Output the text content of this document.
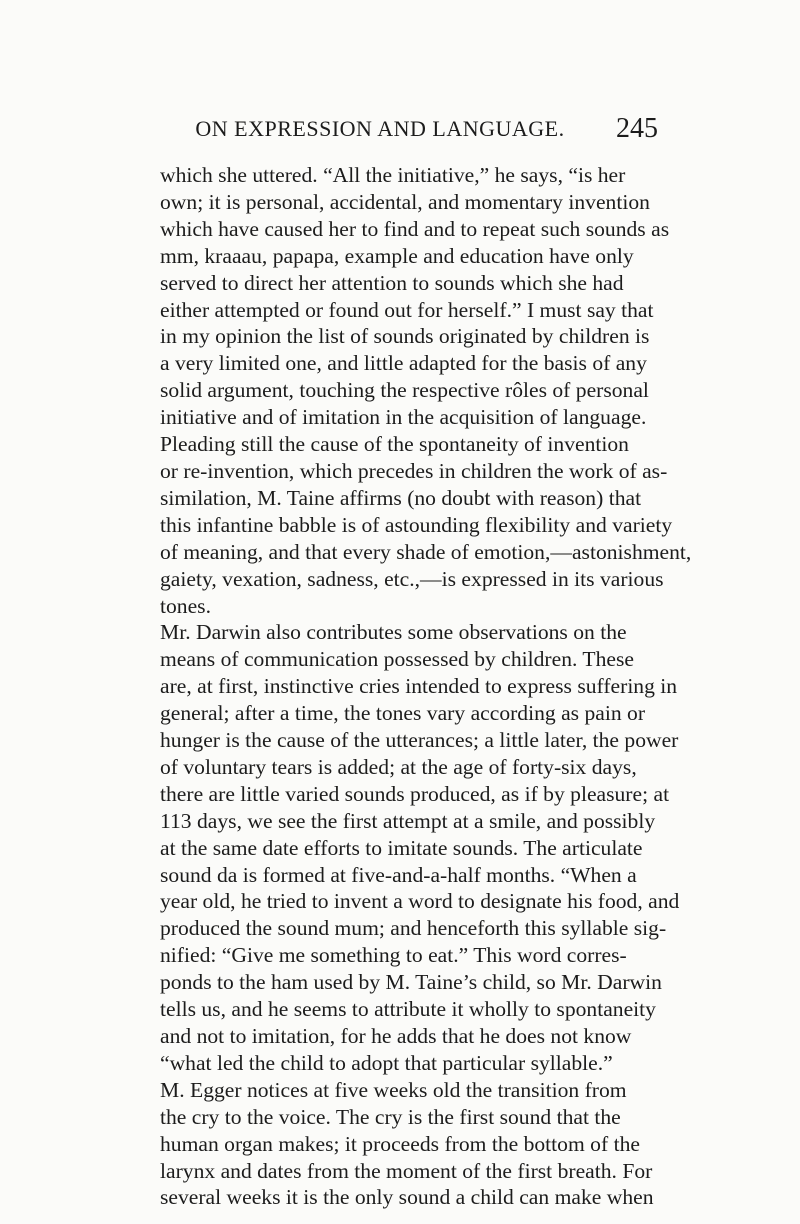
ON EXPRESSION AND LANGUAGE.	245

which she uttered. “All the initiative,” he says, “is her
own; it is personal, accidental, and momentary invention
which have caused her to find and to repeat such sounds as
mm, kraaau, papapa, example and education have only
served to direct her attention to sounds which she had
either attempted or found out for herself.” I must say that
in my opinion the list of sounds originated by children is
a very limited one, and little adapted for the basis of any
solid argument, touching the respective rôles of personal
initiative and of imitation in the acquisition of language.

Pleading still the cause of the spontaneity of invention
or re-invention, which precedes in children the work of as-
similation, M. Taine affirms (no doubt with reason) that
this infantine babble is of astounding flexibility and variety
of meaning, and that every shade of emotion,—astonishment,
gaiety, vexation, sadness, etc.,—is expressed in its various
tones.

Mr. Darwin also contributes some observations on the
means of communication possessed by children. These
are, at first, instinctive cries intended to express suffering in
general; after a time, the tones vary according as pain or
hunger is the cause of the utterances; a little later, the power
of voluntary tears is added; at the age of forty-six days,
there are little varied sounds produced, as if by pleasure; at
113 days, we see the first attempt at a smile, and possibly
at the same date efforts to imitate sounds. The articulate
sound da is formed at five-and-a-half months. “When a
year old, he tried to invent a word to designate his food, and
produced the sound mum; and henceforth this syllable sig-
nified: “Give me something to eat.” This word corres-
ponds to the ham used by M. Taine’s child, so Mr. Darwin
tells us, and he seems to attribute it wholly to spontaneity
and not to imitation, for he adds that he does not know
“what led the child to adopt that particular syllable.”

M. Egger notices at five weeks old the transition from
the cry to the voice. The cry is the first sound that the
human organ makes; it proceeds from the bottom of the
larynx and dates from the moment of the first breath. For
several weeks it is the only sound a child can make when
